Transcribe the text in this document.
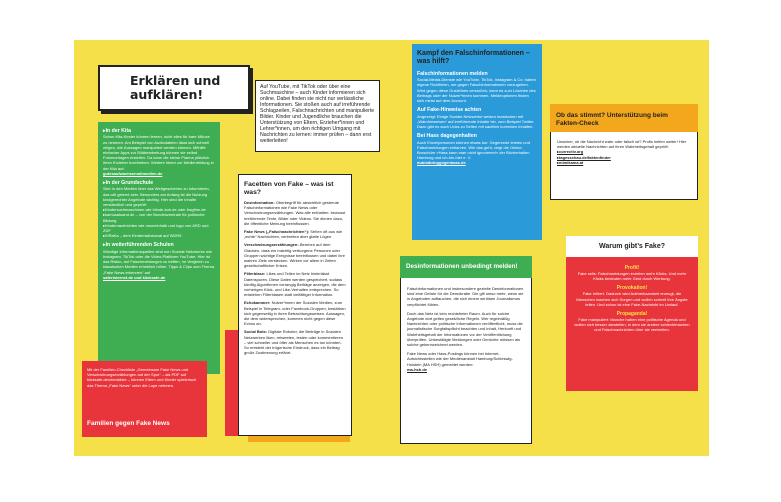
Erklären und aufklären!	Auf YouTube, mit TikTok oder über eine Suchmaschine – auch Kinder informieren sich online. Dabei finden sie nicht nur verlässliche Informationen. Sie stoßen auch auf irreführende Schlagzeilen, Falschnachrichten und manipulierte Bilder. Kinder und Jugendliche brauchen die Unterstützung von Eltern, Erzieher*innen und Lehrer*innen, um den richtigen Umgang mit Nachrichten zu lernen: immer prüfen – dann erst weiterleiten!

▸ In der Kita

Schon Kita-Kinder können lernen, nicht alles für bare Münze zu nehmen. Am Beispiel von Audiodateien lässt sich schnell zeigen, wie Aussagen manipuliert werden können. Mithilfe einfacher Apps zur Bildbearbeitung können sie selbst Fotomontagen erstellen. Da kann die kleine Pianna plötzlich ihren Erzieher hochheben. Weitere Ideen zur Medienbildung in der Kita auf:

gutesaufwachsenmitmedien.de

▸ In der Grundschule

Sich in den Medien über das Weltgeschehen zu informieren, das will gelernt sein. Besonders am Anfang ist die Nutzung kindgerechter Angebote wichtig. Hier sind die Inhalte verständlich und geprüft:

▸ Kindersuchmaschinen wie blinde-kuh.de oder fragfinn.de

▸ kamusaluand.de – von der Bundeszentrale für politische Bildung

▸ Kindernachrichten wie neuneinhalb und logo von ARD und ZDF

▸ KiRaKa – dem Kinderradiokanal auf WDR5

▸ In weiterführenden Schulen

Wichtige Informationsquellen sind nun Soziale Netzwerke wie Instagram, TikTok oder die Video-Plattform YouTube. Hier ist das Risiko, auf Falschmeldungen zu treffen, im Vergleich zu klassischen Medien erheblich höher. Tipps & Clips zum Thema „Fake News erkennen“ auf

saferinternet.de und klicksafe.de

Mit der Familien-Checkliste „Gemeinsam Fake News und Verschwörungserzählungen auf der Spur“ – als PDF auf klicksafe.de/checkliste – können Eltern und Kinder spielerisch das Thema „Fake News“ unter die Lupe nehmen.

Familien gegen Fake News

Facetten von Fake – was ist was?

Desinformation: Oberbegriff für absichtlich gestreute Falschinformationen wie Fake News oder Verschwörungserzählungen. Was alle enthalten: bewusst irreführende Texte, Bilder oder Videos. Sie dienen dazu, die öffentliche Meinung beeinflussen.

Fake News („Falschnachrichten“): Sehen oft aus wie „echte“ Nachrichten, verbreiten aber glatte Lügen.

Verschwörungserzählungen: Beruhen auf dem Glauben, dass ein mächtig verborgene Personen oder Gruppen wichtige Ereignisse beeinflussen und dabei ihre wahren Ziele verstecken. Wirken vor allem in Zeiten gesellschaftlicher Krisen.

Filterblase: Likes und Teilen im Netz hinterlässt Datenspuren. Diese Daten werden gespeichert, sodass künftig Algorithmen vorrangig Beiträge anzeigen, die dem vorherigen Klick- und Like-Verhalten entsprechen. So entstehen Filterblasen statt vielfältiger Information.

Echokammer: Nutzer*innen der Sozialen Medien, zum Beispiel in Telegram- oder Facebook-Gruppen, bestärken sich gegenseitig in ihren Betrachtungsweisen. Aussagen, die dem widersprechen, kommen nicht gegen diese Echos an.

Social Bots: Digitale Roboter, die Beiträge in Sozialen Netzwerken liken, retweeten, testen oder kommentieren – viel schneller und öfter als Menschen es tun könnten. So entsteht der trügerische Eindruck, dass ein Beitrag große Zustimmung erfährt.

Kampf den Falschinformationen – was hilft?

Falschinformationen melden

Social-Media-Dienste wie YouTube, TikTok, Instagram & Co. haben eigene Richtlinien, um gegen Falschinformationen vorzugehen. Wird gegen diese Guidelines verstoßen, kann es zum Löschen des Beitrags oder der Nutzer*innen kommen. Meldeoptionen finden sich meist auf dem Account.

Auf Fake-Hinweise achten

Angezeigt: Einige Soziale Netzwerke weisen inzwischen mit „Warnhinweisen“ auf irreführende Inhalte hin, zum Beispiel Twitter. Dazu gibt es auch Links zu Seiten mit sachlich korrekten Inhalten.

Bei Hass dagegenhalten

Auch Einzelpersonen können etwas tun: Gegenrede leisten und Falschmeldungen entlarven. Wie das geht, zeigt die Online-Broschüre »Hass kann man nicht ignorieren!« der Bücherhallen Hamburg und ich-bin-hier e. V.

dubistbringgegenhass.de

Falschinformationen und insbesondere gezielte Desinformationen sind eine Gefahr für die Demokratie. Die gilt umso mehr, wenn sie in Angeboten auftauchen, die sich einem seriösen Journalismus verpflichtet fühlen.

Doch das Netz ist kein rechtsfreier Raum. Auch für solche Angebote dort gelten gesetzliche Regeln. Wer regelmäßig Nachrichten oder politische Informationen veröffentlicht, muss die journalistische Sorgfaltspflicht beachten und Inhalt, Herkunft und Wahrheitsgehalt der Informationen vor der Veröffentlichung überprüfen. Unbestätigte Meldungen oder Gerüchte müssen als solche gekennzeichnet werden.

Fake News oder Hass-Postings können bei Internet-Aufsichtsstellen wie der Medienanstalt Hamburg/Schleswig-Holstein (MA HSH) gemeldet werden:

ma-hsh.de

Desinformationen unbedingt melden!

Unsicher, ob die Nachricht wahr oder falsch ist? Profis helfen weiter! Hier werden aktuelle Nachrichten auf ihren Wahrheitsgehalt geprüft:

▸ correctiv.org

▸ tagesschau.de/faktenfinder

▸ mimikama.at

Ob das stimmt? Unterstützung beim Fakten-Check

Warum gibt’s Fake?

Profit!

Fake sells: Falschmeldungen erzielen mehr Klicks. Und mehr Klicks bedeuten mehr Geld durch Werbung.

Provokation!

Fake irritiert. Dadurch wird Aufmerksamkeit erzeugt, die Menschen machen sich Sorgen und wollen schnell ihre Ängste teilen. Und schon ist eine Fake-Nachricht im Umlauf.

Propaganda!

Fake manipuliert: Manche haben eine politische Agenda und wollen sich besser darstellen, in dem sie andere schlechtmachen und Falschnachrichten über sie verbreiten.
